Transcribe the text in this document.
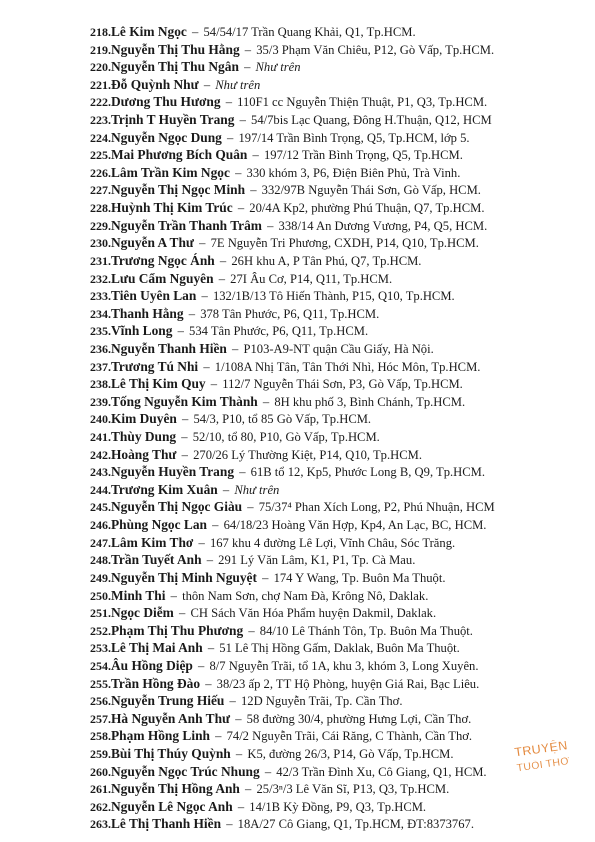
218.Lê Kim Ngọc – 54/54/17 Trần Quang Khải, Q1, Tp.HCM.
219.Nguyễn Thị Thu Hằng – 35/3 Phạm Văn Chiêu, P12, Gò Vấp, Tp.HCM.
220.Nguyễn Thị Thu Ngân – Như trên
221.Đỗ Quỳnh Như – Như trên
222.Dương Thu Hương – 110F1 cc Nguyễn Thiện Thuật, P1, Q3, Tp.HCM.
223.Trịnh T Huyền Trang – 54/7bis Lạc Quang, Đông H.Thuận, Q12, HCM
224.Nguyễn Ngọc Dung – 197/14 Trần Bình Trọng, Q5, Tp.HCM, lớp 5.
225.Mai Phương Bích Quân – 197/12 Trần Bình Trọng, Q5, Tp.HCM.
226.Lâm Trần Kim Ngọc – 330 khóm 3, P6, Điện Biên Phủ, Trà Vinh.
227.Nguyễn Thị Ngọc Minh – 332/97B Nguyễn Thái Sơn, Gò Vấp, HCM.
228.Huỳnh Thị Kim Trúc – 20/4A Kp2, phường Phú Thuận, Q7, Tp.HCM.
229.Nguyễn Trần Thanh Trâm – 338/14 An Dương Vương, P4, Q5, HCM.
230.Nguyễn A Thư – 7E Nguyễn Tri Phương, CXDH, P14, Q10, Tp.HCM.
231.Trương Ngọc Ánh – 26H khu A, P Tân Phú, Q7, Tp.HCM.
232.Lưu Cẩm Nguyên – 27I Âu Cơ, P14, Q11, Tp.HCM.
233.Tiên Uyên Lan – 132/1B/13 Tô Hiến Thành, P15, Q10, Tp.HCM.
234.Thanh Hằng – 378 Tân Phước, P6, Q11, Tp.HCM.
235.Vĩnh Long – 534 Tân Phước, P6, Q11, Tp.HCM.
236.Nguyễn Thanh Hiền – P103-A9-NT quận Cầu Giấy, Hà Nội.
237.Trương Tú Nhi – 1/108A Nhị Tân, Tân Thới Nhì, Hóc Môn, Tp.HCM.
238.Lê Thị Kim Quy – 112/7 Nguyễn Thái Sơn, P3, Gò Vấp, Tp.HCM.
239.Tống Nguyễn Kim Thành – 8H khu phố 3, Bình Chánh, Tp.HCM.
240.Kim Duyên – 54/3, P10, tổ 85 Gò Vấp, Tp.HCM.
241.Thùy Dung – 52/10, tổ 80, P10, Gò Vấp, Tp.HCM.
242.Hoàng Thư – 270/26 Lý Thường Kiệt, P14, Q10, Tp.HCM.
243.Nguyễn Huyền Trang – 61B tổ 12, Kp5, Phước Long B, Q9, Tp.HCM.
244.Trương Kim Xuân – Như trên
245.Nguyễn Thị Ngọc Giàu – 75/37⁴ Phan Xích Long, P2, Phú Nhuận, HCM
246.Phùng Ngọc Lan – 64/18/23 Hoàng Văn Hợp, Kp4, An Lạc, BC, HCM.
247.Lâm Kim Thơ – 167 khu 4 đường Lê Lợi, Vĩnh Châu, Sóc Trăng.
248.Trần Tuyết Anh – 291 Lý Văn Lâm, K1, P1, Tp. Cà Mau.
249.Nguyễn Thị Minh Nguyệt – 174 Y Wang, Tp. Buôn Ma Thuột.
250.Minh Thi – thôn Nam Sơn, chợ Nam Đà, Krông Nô, Daklak.
251.Ngọc Diễm – CH Sách Văn Hóa Phẩm huyện Dakmil, Daklak.
252.Phạm Thị Thu Phương – 84/10 Lê Thánh Tôn, Tp. Buôn Ma Thuột.
253.Lê Thị Mai Anh – 51 Lê Thị Hồng Gấm, Daklak, Buôn Ma Thuột.
254.Âu Hồng Diệp – 8/7 Nguyễn Trãi, tổ 1A, khu 3, khóm 3, Long Xuyên.
255.Trần Hồng Đào – 38/23 ấp 2, TT Hộ Phòng, huyện Giá Rai, Bạc Liêu.
256.Nguyễn Trung Hiếu – 12D Nguyễn Trãi, Tp. Cần Thơ.
257.Hà Nguyễn Anh Thư – 58 đường 30/4, phường Hưng Lợi, Cần Thơ.
258.Phạm Hồng Linh – 74/2 Nguyễn Trãi, Cái Răng, C Thành, Cần Thơ.
259.Bùi Thị Thúy Quỳnh – K5, đường 26/3, P14, Gò Vấp, Tp.HCM.
260.Nguyễn Ngọc Trúc Nhung – 42/3 Trần Đình Xu, Cô Giang, Q1, HCM.
261.Nguyễn Thị Hồng Anh – 25/3ⁿ/3 Lê Văn Sĩ, P13, Q3, Tp.HCM.
262.Nguyễn Lê Ngọc Anh – 14/1B Kỳ Đồng, P9, Q3, Tp.HCM.
263.Lê Thị Thanh Hiền – 18A/27 Cô Giang, Q1, Tp.HCM, ĐT:8373767.
TRUYỆN
TUỔI THƠ
